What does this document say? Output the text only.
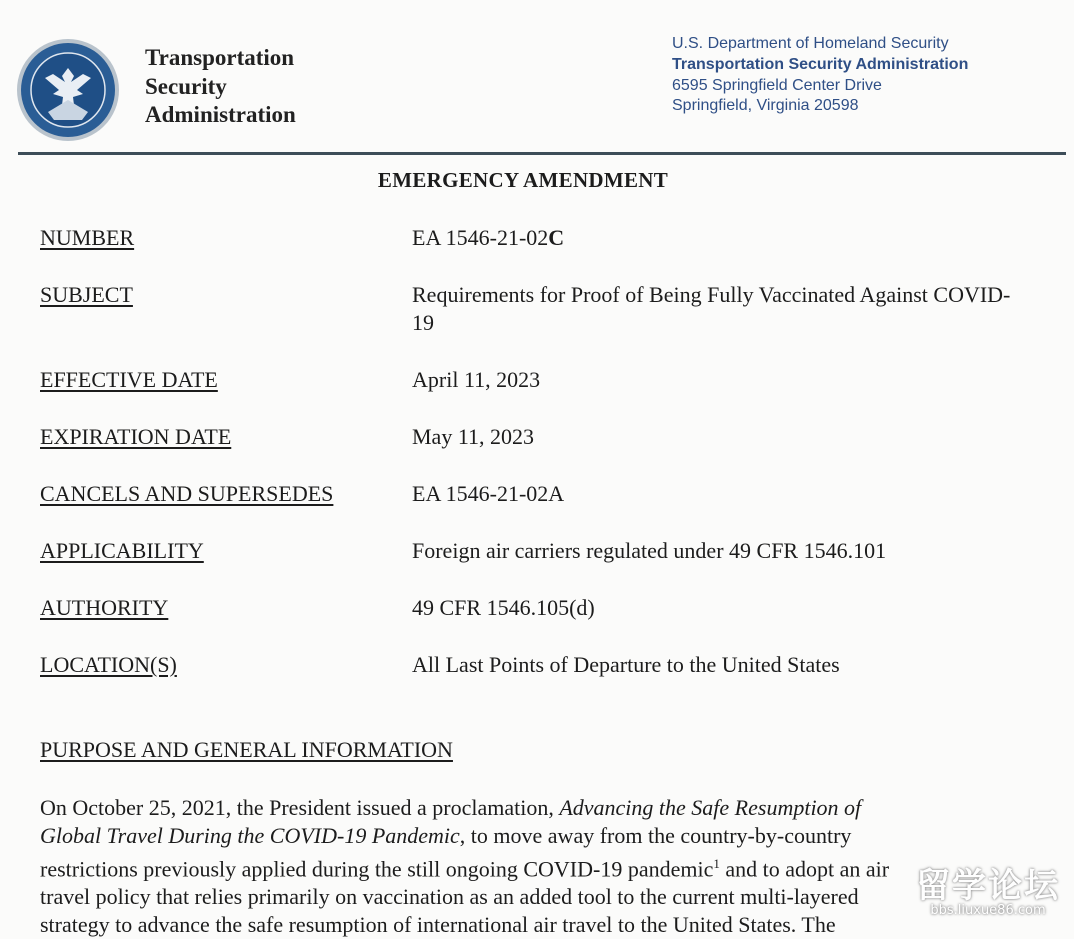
Transportation
Security
Administration
U.S. Department of Homeland Security
Transportation Security Administration
6595 Springfield Center Drive
Springfield, Virginia 20598
EMERGENCY AMENDMENT
NUMBER	EA 1546-21-02C
SUBJECT	Requirements for Proof of Being Fully Vaccinated Against COVID-19
EFFECTIVE DATE	April 11, 2023
EXPIRATION DATE	May 11, 2023
CANCELS AND SUPERSEDES	EA 1546-21-02A
APPLICABILITY	Foreign air carriers regulated under 49 CFR 1546.101
AUTHORITY	49 CFR 1546.105(d)
LOCATION(S)	All Last Points of Departure to the United States
PURPOSE AND GENERAL INFORMATION

On October 25, 2021, the President issued a proclamation, Advancing the Safe Resumption of

Global Travel During the COVID-19 Pandemic, to move away from the country-by-country

restrictions previously applied during the still ongoing COVID-19 pandemic$^1$ and to adopt an air

travel policy that relies primarily on vaccination as an added tool to the current multi-layered

strategy to advance the safe resumption of international air travel to the United States. The

留学论坛
bbs.liuxue86.com
